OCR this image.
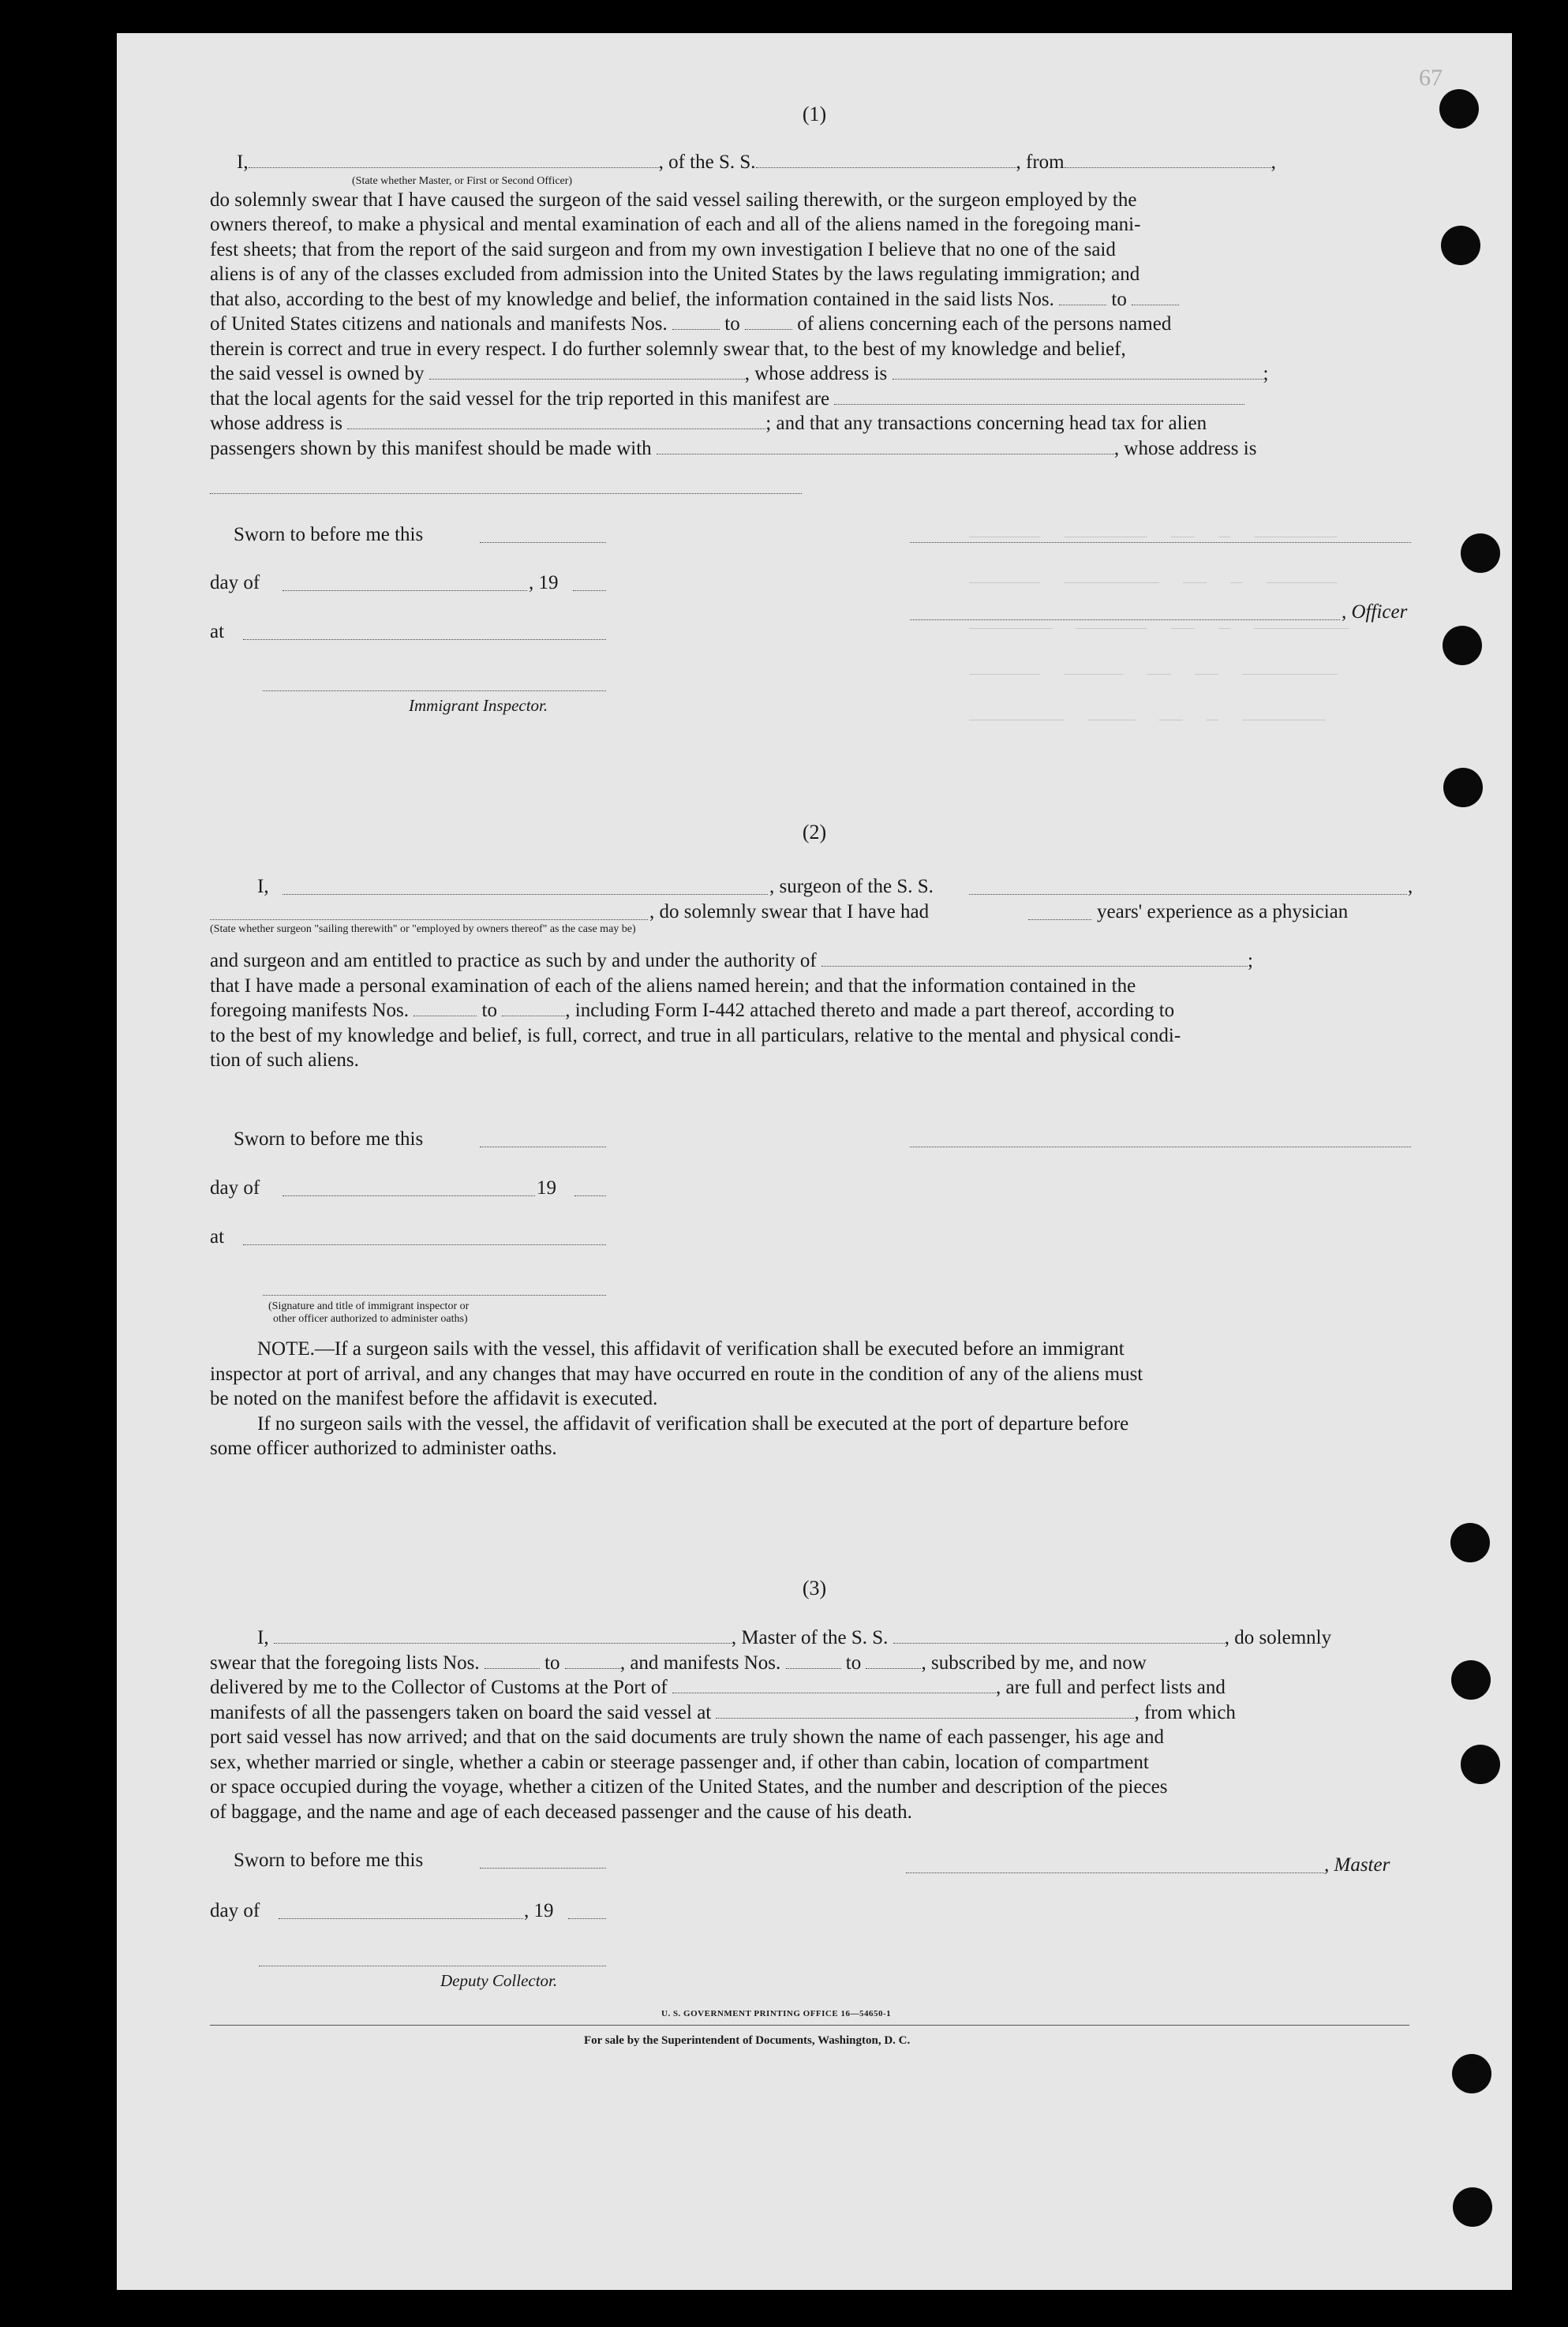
67
‾‾‾‾‾‾  ‾‾‾‾‾‾‾  ‾‾  ‾  ‾‾‾‾‾‾‾
‾‾‾‾‾‾  ‾‾‾‾‾‾‾‾  ‾‾  ‾  ‾‾‾‾‾‾
‾‾‾‾‾‾‾  ‾‾‾‾‾‾  ‾‾  ‾  ‾‾‾‾‾‾‾‾
‾‾‾‾‾‾  ‾‾‾‾‾  ‾‾  ‾‾  ‾‾‾‾‾‾‾‾
‾‾‾‾‾‾‾‾  ‾‾‾‾  ‾‾  ‾  ‾‾‾‾‾‾‾
(1)
I,	, of the S. S.	, from	,
(State whether Master, or First or Second Officer)
do solemnly swear that I have caused the surgeon of the said vessel sailing therewith, or the surgeon employed by the
owners thereof, to make a physical and mental examination of each and all of the aliens named in the foregoing mani-
fest sheets; that from the report of the said surgeon and from my own investigation I believe that no one of the said
aliens is of any of the classes excluded from admission into the United States by the laws regulating immigration; and
that also, according to the best of my knowledge and belief, the information contained in the said lists Nos.	to
of United States citizens and nationals and manifests Nos.	to	of aliens concerning each of the persons named
therein is correct and true in every respect. I do further solemnly swear that, to the best of my knowledge and belief,
the said vessel is owned by	, whose address is	;
that the local agents for the said vessel for the trip reported in this manifest are
whose address is	; and that any transactions concerning head tax for alien
passengers shown by this manifest should be made with	, whose address is
Sworn to before me this
day of	, 19
, Officer
at
Immigrant Inspector.
(2)
I,	, surgeon of the S. S.	,
, do solemnly swear that I have had	years' experience as a physician
(State whether surgeon "sailing therewith" or "employed by owners thereof" as the case may be)
and surgeon and am entitled to practice as such by and under the authority of	;
that I have made a personal examination of each of the aliens named herein; and that the information contained in the
foregoing manifests Nos.	to	, including Form I-442 attached thereto and made a part thereof, according to
to the best of my knowledge and belief, is full, correct, and true in all particulars, relative to the mental and physical condi-
tion of such aliens.
Sworn to before me this
day of	19
at
(Signature and title of immigrant inspector or
other officer authorized to administer oaths)
NOTE.—If a surgeon sails with the vessel, this affidavit of verification shall be executed before an immigrant
inspector at port of arrival, and any changes that may have occurred en route in the condition of any of the aliens must
be noted on the manifest before the affidavit is executed.
If no surgeon sails with the vessel, the affidavit of verification shall be executed at the port of departure before
some officer authorized to administer oaths.
(3)
I,	, Master of the S. S.	, do solemnly
swear that the foregoing lists Nos.	to	, and manifests Nos.	to	, subscribed by me, and now
delivered by me to the Collector of Customs at the Port of	, are full and perfect lists and
manifests of all the passengers taken on board the said vessel at	, from which
port said vessel has now arrived; and that on the said documents are truly shown the name of each passenger, his age and
sex, whether married or single, whether a cabin or steerage passenger and, if other than cabin, location of compartment
or space occupied during the voyage, whether a citizen of the United States, and the number and description of the pieces
of baggage, and the name and age of each deceased passenger and the cause of his death.
Sworn to before me this	, Master
day of	, 19
Deputy Collector.
U. S. GOVERNMENT PRINTING OFFICE 16—54650-1
For sale by the Superintendent of Documents, Washington, D. C.
